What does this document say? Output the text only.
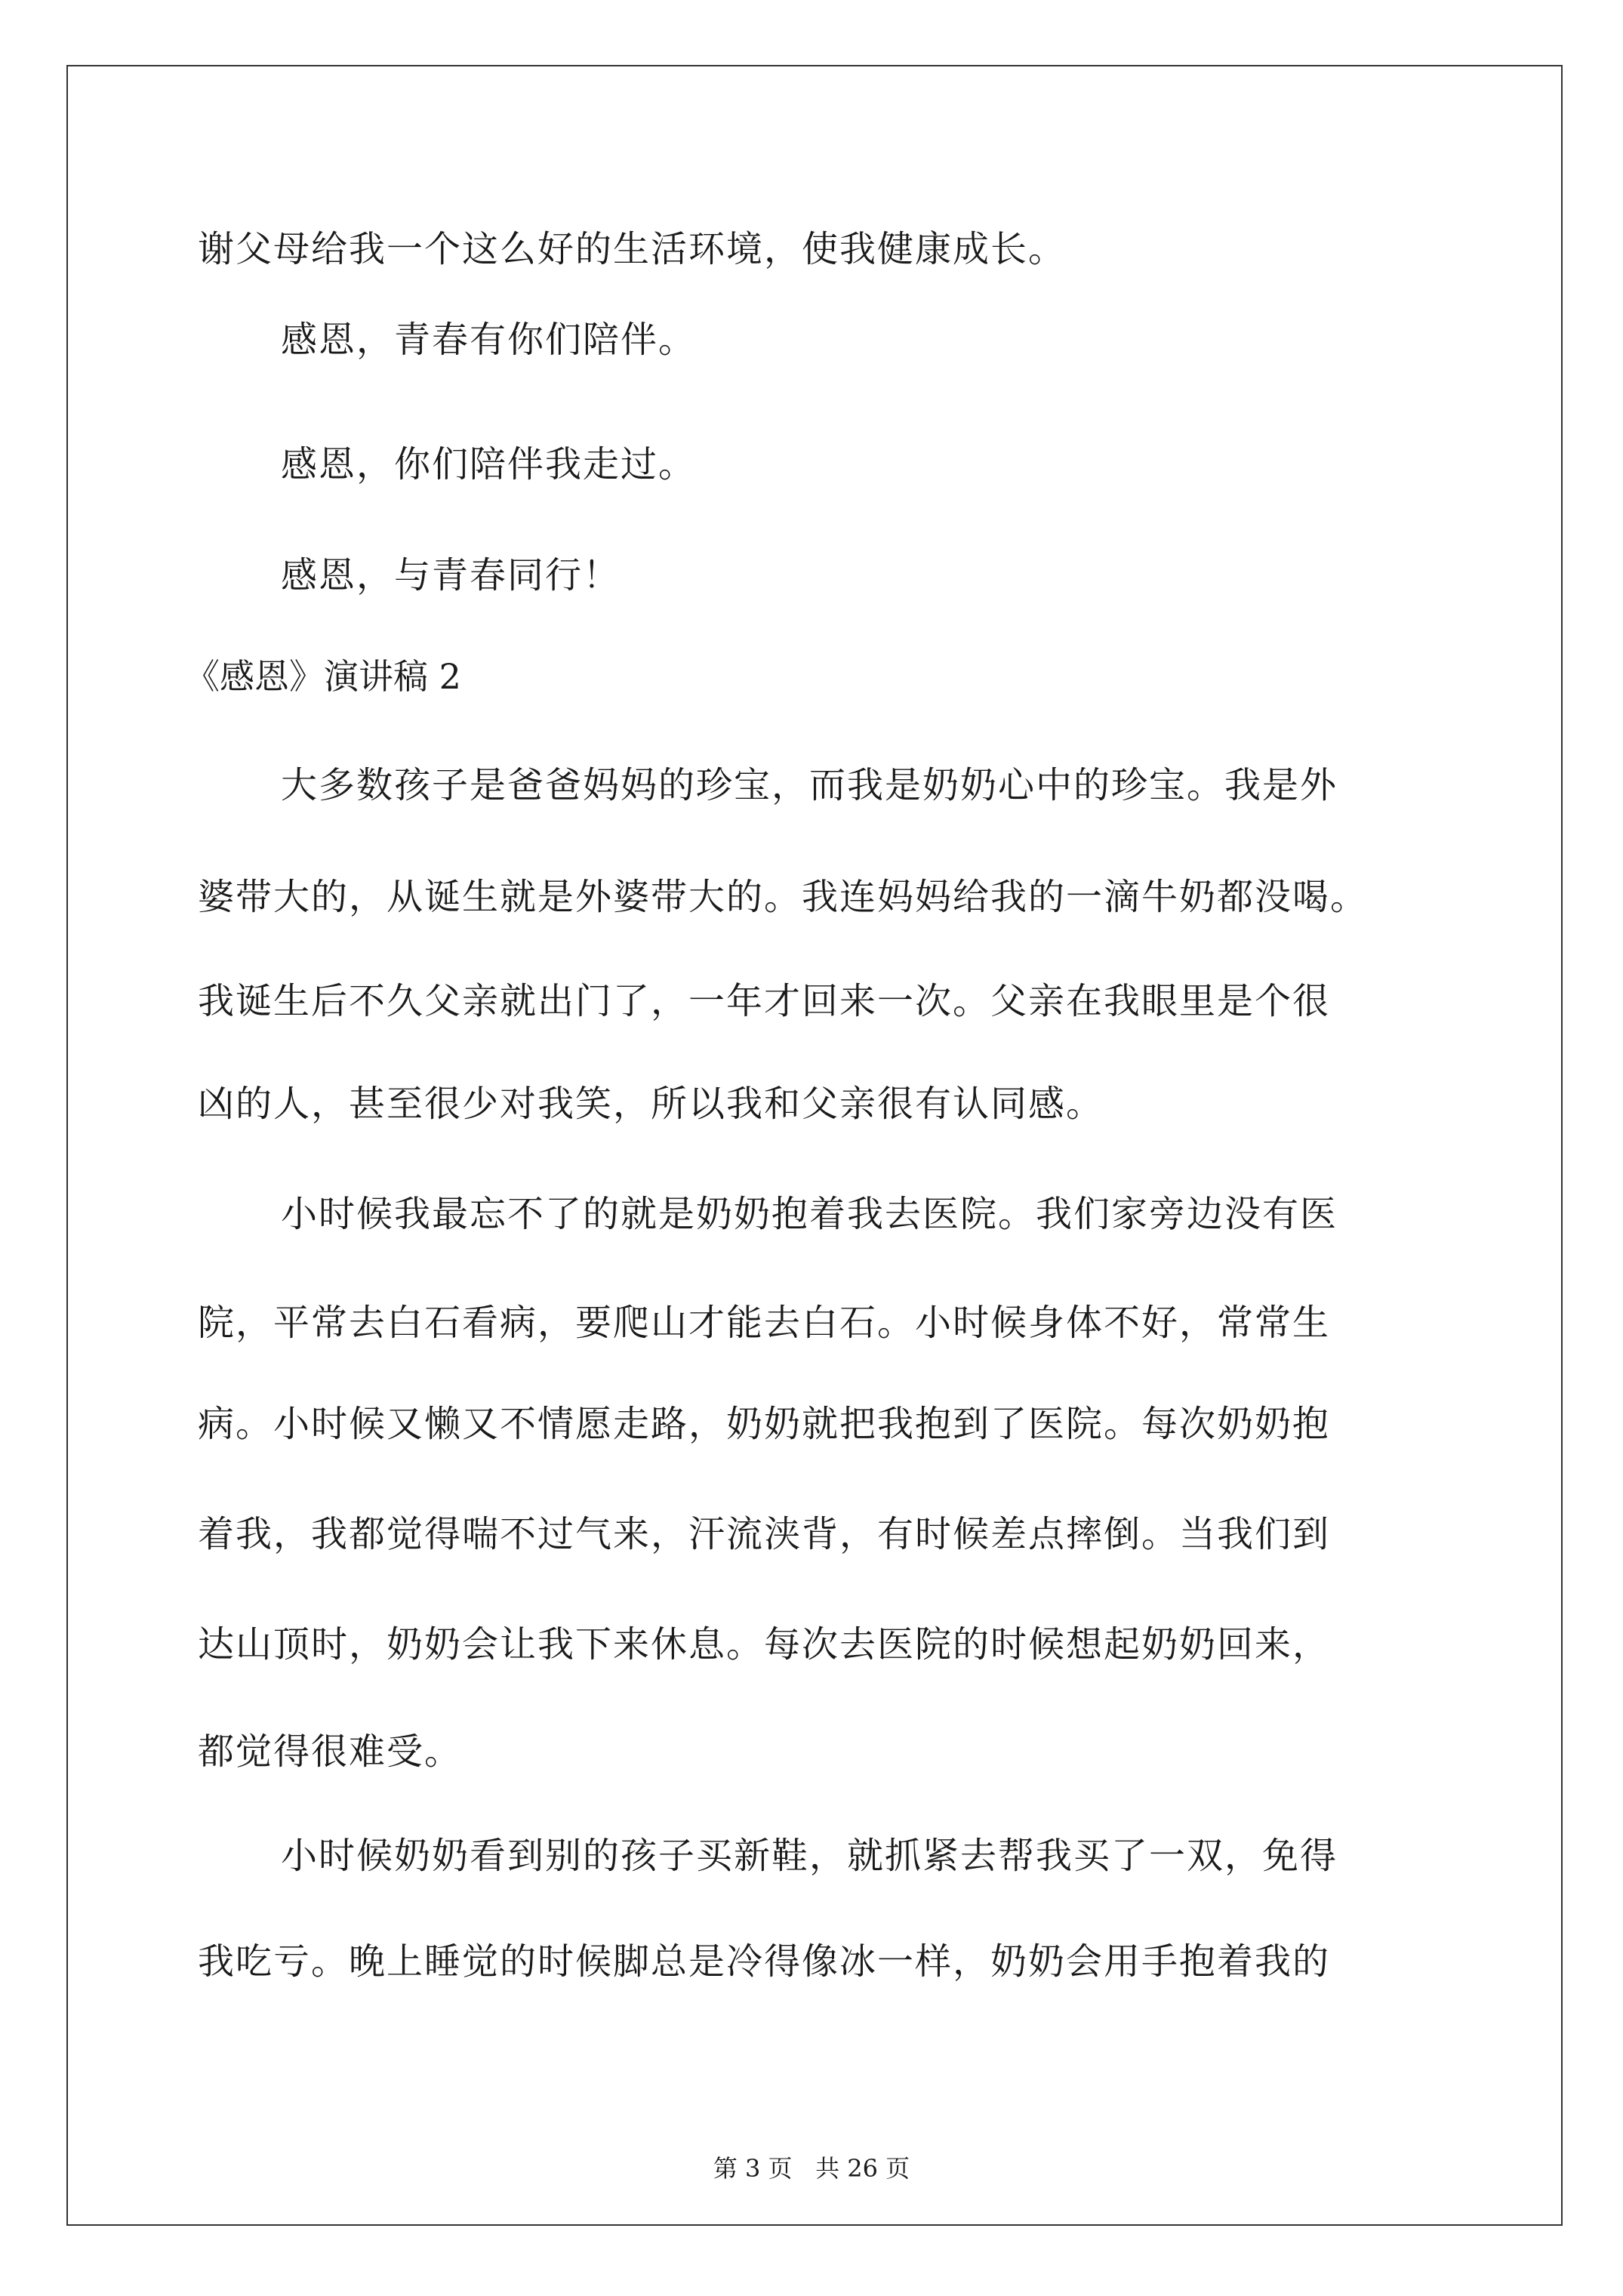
谢父母给我一个这么好的生活环境，使我健康成长。
感恩，青春有你们陪伴。
感恩，你们陪伴我走过。
感恩，与青春同行！
《感恩》演讲稿 2
大多数孩子是爸爸妈妈的珍宝，而我是奶奶心中的珍宝。我是外
婆带大的，从诞生就是外婆带大的。我连妈妈给我的一滴牛奶都没喝。
我诞生后不久父亲就出门了，一年才回来一次。父亲在我眼里是个很
凶的人，甚至很少对我笑，所以我和父亲很有认同感。
小时候我最忘不了的就是奶奶抱着我去医院。我们家旁边没有医
院，平常去白石看病，要爬山才能去白石。小时候身体不好，常常生
病。小时候又懒又不情愿走路，奶奶就把我抱到了医院。每次奶奶抱
着我，我都觉得喘不过气来，汗流浃背，有时候差点摔倒。当我们到
达山顶时，奶奶会让我下来休息。每次去医院的时候想起奶奶回来，
都觉得很难受。
小时候奶奶看到别的孩子买新鞋，就抓紧去帮我买了一双，免得
我吃亏。晚上睡觉的时候脚总是冷得像冰一样，奶奶会用手抱着我的
第 3 页   共 26 页
